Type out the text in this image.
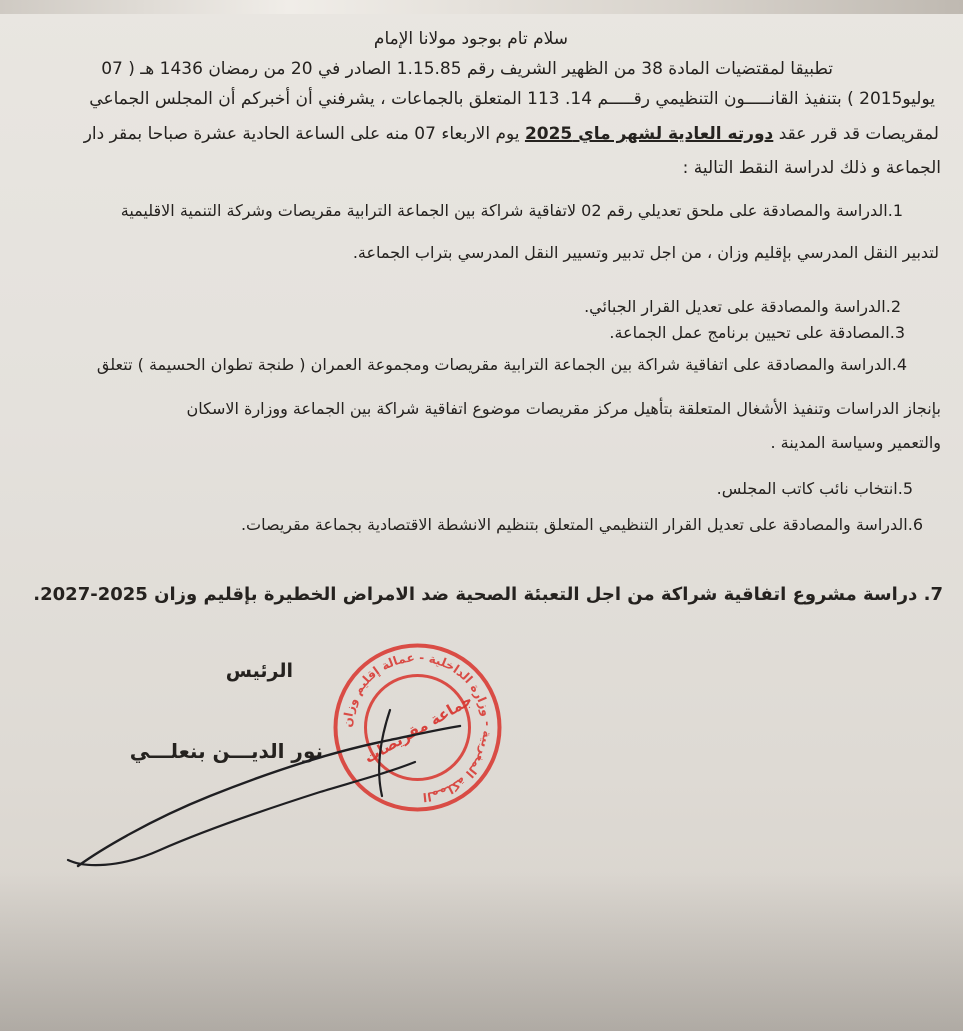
سلام تام بوجود مولانا الإمام
تطبيقا لمقتضيات المادة 38 من الظهير الشريف رقم 1.15.85 الصادر في 20 من رمضان 1436 هـ ( 07
يوليو2015 ) بتنفيذ القانـــــون التنظيمي رقـــــم 14. 113 المتعلق بالجماعات ، يشرفني أن أخبركم أن المجلس الجماعي
لمقريصات قد قرر عقد دورته العادية لشهر ماي 2025 يوم الاربعاء 07 منه على الساعة الحادية عشرة صباحا بمقر دار
الجماعة و ذلك لدراسة النقط التالية :
1.الدراسة والمصادقة على ملحق تعديلي رقم 02 لاتفاقية شراكة بين الجماعة الترابية مقريصات وشركة التنمية الاقليمية
لتدبير النقل المدرسي بإقليم وزان ، من اجل تدبير وتسيير النقل المدرسي بتراب الجماعة.
2.الدراسة والمصادقة على تعديل القرار الجبائي.
3.المصادقة على تحيين برنامج عمل الجماعة.
4.الدراسة والمصادقة على اتفاقية شراكة بين الجماعة الترابية مقريصات ومجموعة العمران ( طنجة تطوان الحسيمة ) تتعلق
بإنجاز الدراسات وتنفيذ الأشغال المتعلقة بتأهيل مركز مقريصات موضوع اتفاقية شراكة بين الجماعة ووزارة الاسكان
والتعمير وسياسة المدينة .
5.انتخاب نائب كاتب المجلس.
6.الدراسة والمصادقة على تعديل القرار التنظيمي المتعلق بتنظيم الانشطة الاقتصادية بجماعة مقريصات.
7. دراسة مشروع اتفاقية شراكة من اجل التعبئة الصحية ضد الامراض الخطيرة بإقليم وزان 2025-2027.
الرئيس
نور الديـــن بنعلـــي
المملكة المغربية - وزارة الداخلية - عمالة إقليم وزان
جماعة مقريصات
